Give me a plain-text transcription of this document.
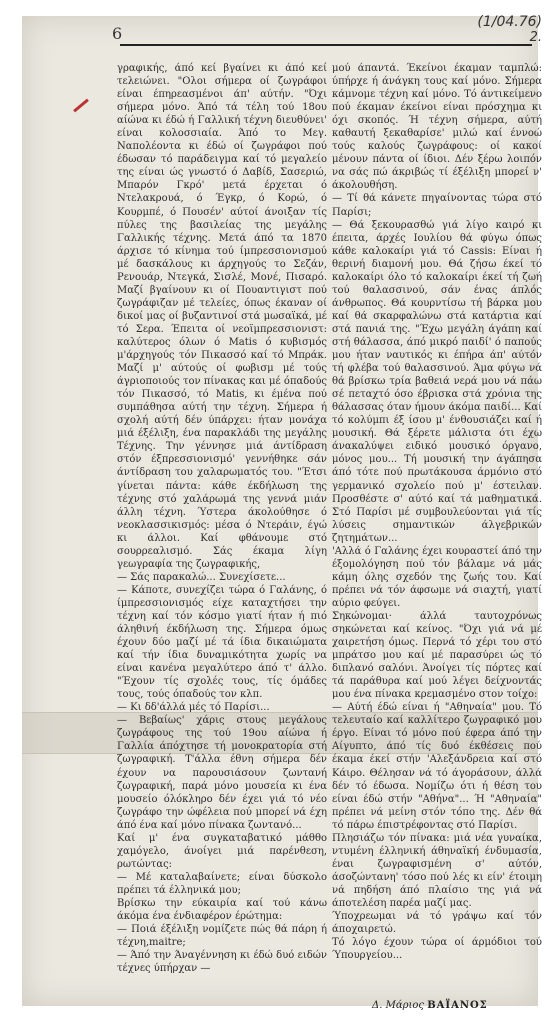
6
(1/04.76)
2.

γραφικής, άπό κεί βγαίνει κι άπό κεί τελειώνει. "Ολοι σήμερα οί ζωγράφοι είναι έπηρεασμένοι άπ' αύτήν. "Όχι σήμερα μόνο. Άπό τά τέλη τού 18ου αίώνα κι έδώ ή Γαλλική τέχνη διευθύνει' είναι κολοσσιαία. Άπό το Μεγ. Ναπολέοντα κι έδώ οί ζωγράφοι πού έδωσαν τό παράδειγμα καί τό μεγαλείο της είναι ώς γνωστό ό Δαβίδ, Σασεριώ, Μπαρόν Γκρό' μετά έρχεται ό Ντελακρουά, ό Έγκρ, ό Κορώ, ό Κουρμπέ, ό Πουσέν' αύτοί άνοιξαν τίς πύλες της βασιλείας της μεγάλης Γαλλικής τέχνης. Μετά άπό τα 1870 άρχισε τό κίνημα τού ίμπρεσσιονισμού μέ δασκάλους κι άρχηγούς το Σεζάν, Ρενουάρ, Ντεγκά, Σισλέ, Μονέ, Πισαρό. Μαζί βγαίνουν κι οί Πουαντιγιστ πού ζωγράφιζαν μέ τελείες, όπως έκαναν οί δικοί μας οί βυζαντινοί στά μωσαϊκά, μέ τό Σερα. Έπειτα οί νεοϊμπρεσσιονιστ: καλύτερος όλων ό Matis ό κυβισμός μ'άρχηγούς τόν Πικασσό καί τό Μπράκ. Μαζί μ' αύτούς οί φωβισμ μέ τούς άγριοποιούς τον πίνακας και μέ όπαδούς τόν Πικασσό, τό Matis, κι έμένα πού συμπάθησα αύτή την τέχνη. Σήμερα ή σχολή αύτή δέν ύπάρχει: ήταν μονάχα μιά έξέλιξη, ένα παρακλάδι της μεγάλης Τέχνης. Την γέννησε μιά άντίδραση στόν έξπρεσσιονισμό' γεννήθηκε σάν άντίδραση του χαλαρωματός του. "Έτσι γίνεται πάντα: κάθε έκδήλωση της τέχνης στό χαλάρωμά της γεννά μιάν άλλη τέχνη. Ύστερα άκολούθησε ό νεοκλασσικισμός: μέσα ό Ντεράιν, έγώ κι άλλοι. Καί φθάνουμε στό σουρρεαλισμό. Σάς έκαμα λίγη γεωγραφία της ζωγραφικής,

— Σάς παρακαλώ... Συνεχίσετε...

— Κάποτε, συνεχίζει τώρα ό Γαλάνης, ό ίμπρεσσιονισμός είχε καταχτήσει την τέχνη καί τόν κόσμο γιατί ήταν ή πιό άληθινή έκδήλωση της. Σήμερα όμως έχουν δύο μαζί μέ τά ίδια δικαιώματα καί τήν ίδια δυναμικότητα χωρίς να είναι κανένα μεγαλύτερο άπό τ' άλλο. "Έχουν τίς σχολές τους, τίς όμάδες τους, τούς όπαδούς τον κλπ.

— Κι δδ'άλλά μές τό Παρίσι...

— Βεβαίως' χάρις στους μεγάλους ζωγράφους της τού 19ου αίώνα ή Γαλλία άπόχτησε τή μονοκρατορία στή ζωγραφική. Τ'άλλα έθνη σήμερα δέν έχουν να παρουσιάσουν ζωντανή ζωγραφική, παρά μόνο μουσεία κι ένα μουσείο όλόκληρο δέν έχει γιά τό νέο ζωγράφο την ώφέλεια πού μπορεί νά έχη άπό ένα καί μόνο πίνακα ζωντανό...

Καί μ' ένα συγκαταβατικό μάθθο χαμόγελο, άνοίγει μιά παρένθεση, ρωτώντας:

— Μέ καταλαβαίνετε; είναι δύσκολο πρέπει τά έλληνικά μου;

Βρίσκω την εύκαιρία καί τού κάνω άκόμα ένα ένδιαφέρον έρώτημα:

— Ποιά έξέλιξη νομίζετε πώς θά πάρη ή τέχνη,maitre;

— Άπό την Άναγέννηση κι έδώ δυό ειδών τέχνες ύπήρχαν —

μού άπαντά. Έκείνοι έκαμαν ταμπλώ: ύπήρχε ή άνάγκη τους καί μόνο. Σήμερα κάμνομε τέχνη καί μόνο. Τό άντικείμενο πού έκαμαν έκείνοι είναι πρόσχημα κι όχι σκοπός. Ή τέχνη σήμερα, αύτή καθαυτή ξεκαθαρίσε' μιλώ καί έννοώ τούς καλούς ζωγράφους: οί κακοί μένουν πάντα οί ίδιοι. Δέν ξέρω λοιπόν να σάς πώ άκριβώς τί έξέλιξη μπορεί ν' άκολουθήση.

— Τί θά κάνετε πηγαίνοντας τώρα στό Παρίσι;

— Θά ξεκουρασθώ γιά λίγο καιρό κι έπειτα, άρχές Ιουλίου θά φύγω όπως κάθε καλοκαίρι γιά τό Cassis: Είναι ή θερινή διαμονή μου. Θά ζήσω έκεί τό καλοκαίρι όλο τό καλοκαίρι έκεί τή ζωή τού θαλασσινού, σάν ένας άπλός άνθρωπος. Θά κουρντίσω τή βάρκα μου καί θά σκαρφαλώνω στά κατάρτια καί στά πανιά της. "Έχω μεγάλη άγάπη καί στή θάλασσα, άπό μικρό παιδί' ό παπούς μου ήταν ναυτικός κι έπήρα άπ' αύτόν τή φλέβα τού θαλασσινού. Άμα φύγω νά θά βρίσκω τρία βαθειά νερά μου νά πάω σέ πεταχτό όσο έβρισκα στά χρόνια της θάλασσας όταν ήμουν άκόμα παιδί... Καί τό κολύμπι έξ ίσου μ' ένθουσιάζει καί ή μουσική. Θά ξέρετε μάλιστα ότι έχω άνακαλύψει ειδικό μουσικό όργανο, μόνος μου... Τή μουσική την άγάπησα άπό τότε πού πρωτάκουσα άρμόνιο στό γερμανικό σχολείο πού μ' έστειλαν. Προσθέστε σ' αύτό καί τά μαθηματικά. Στό Παρίσι μέ συμβουλεύονται γιά τίς λύσεις σημαντικών άλγεβρικών ζητημάτων...

'Αλλά ό Γαλάνης έχει κουραστεί άπό την έξομολόγηση πού τόν βάλαμε νά μάς κάμη όλης σχεδόν της ζωής του. Καί πρέπει νά τόν άφσωμε νά σιαχτή, γιατί αύριο φεύγει.

Σηκώνομαι· άλλά ταυτοχρόνως σηκώνεται καί κείνος. "Όχι γιά νά μέ χαιρετήση όμως. Περνά τό χέρι του στό μπράτσο μου καί μέ παρασύρει ώς τό διπλανό σαλόνι. Άνοίγει τίς πόρτες καί τά παράθυρα καί μού λέγει δείχνοντάς μου ένα πίνακα κρεμασμένο στον τοίχο:

— Αύτή έδώ είναι ή "Αθηναία" μου. Τό τελευταίο καί καλλίτερο ζωγραφικό μου έργο. Είναι τό μόνο πού έφερα άπό την Αίγυπτο, άπό τίς δυό έκθέσεις πού έκαμα έκεί στήν 'Αλεξάνδρεια καί στό Κάιρο. Θέλησαν νά τό άγοράσουν, άλλά δέν τό έδωσα. Νομίζω ότι ή θέση του είναι έδώ στήν "Αθήνα"... Ή "Αθηναία" πρέπει νά μείνη στόν τόπο της. Δέν θά τό πάρω έπιστρέφοντας στό Παρίσι.

Πλησιάζω τόν πίνακα: μιά νέα γυναίκα, ντυμένη έλληνική άθηναϊκή ένδυμασία, έναι ζωγραφισμένη σ' αύτόν, άσοζώντανη' τόσο πού λές κι είν' έτοιμη νά πηδήση άπό πλαίσιο της γιά νά άποτελέση παρέα μαζί μας.

Ύποχρεωμαι νά τό γράψω καί τόν άποχαιρετώ.

Τό λόγο έχουν τώρα οί άρμόδιοι τού Ύπουργείου...

Δ. Μάριος ΒΑΪΑΝΟΣ
